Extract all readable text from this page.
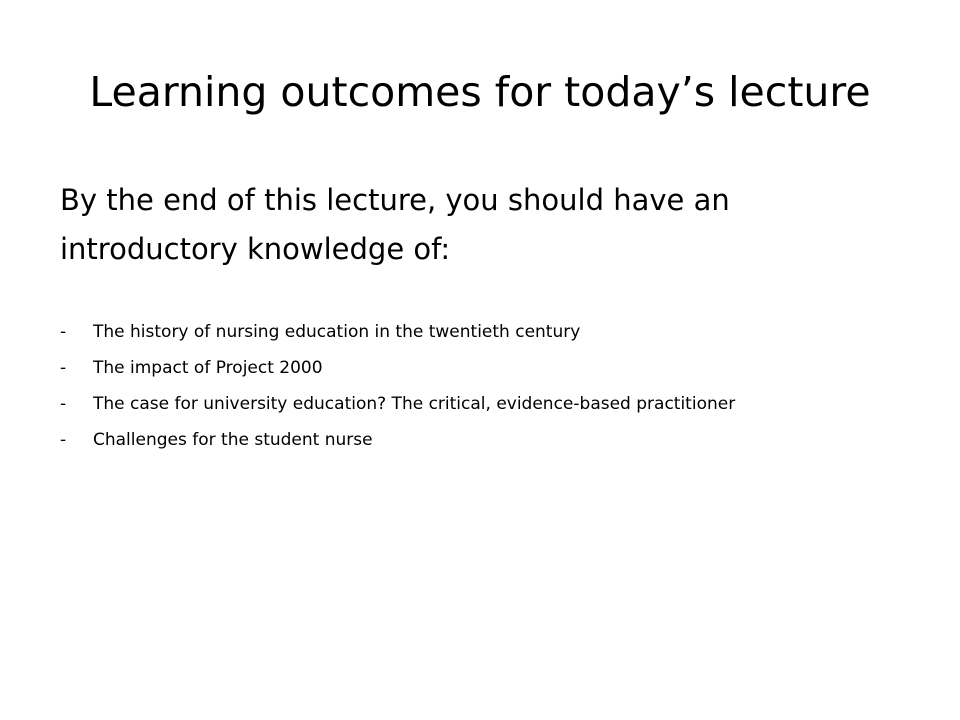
Learning outcomes for today’s lecture
By the end of this lecture, you should have an introductory knowledge of:
-	The history of nursing education in the twentieth century
-	The impact of Project 2000
-	The case for university education? The critical, evidence-based practitioner
-	Challenges for the student nurse
